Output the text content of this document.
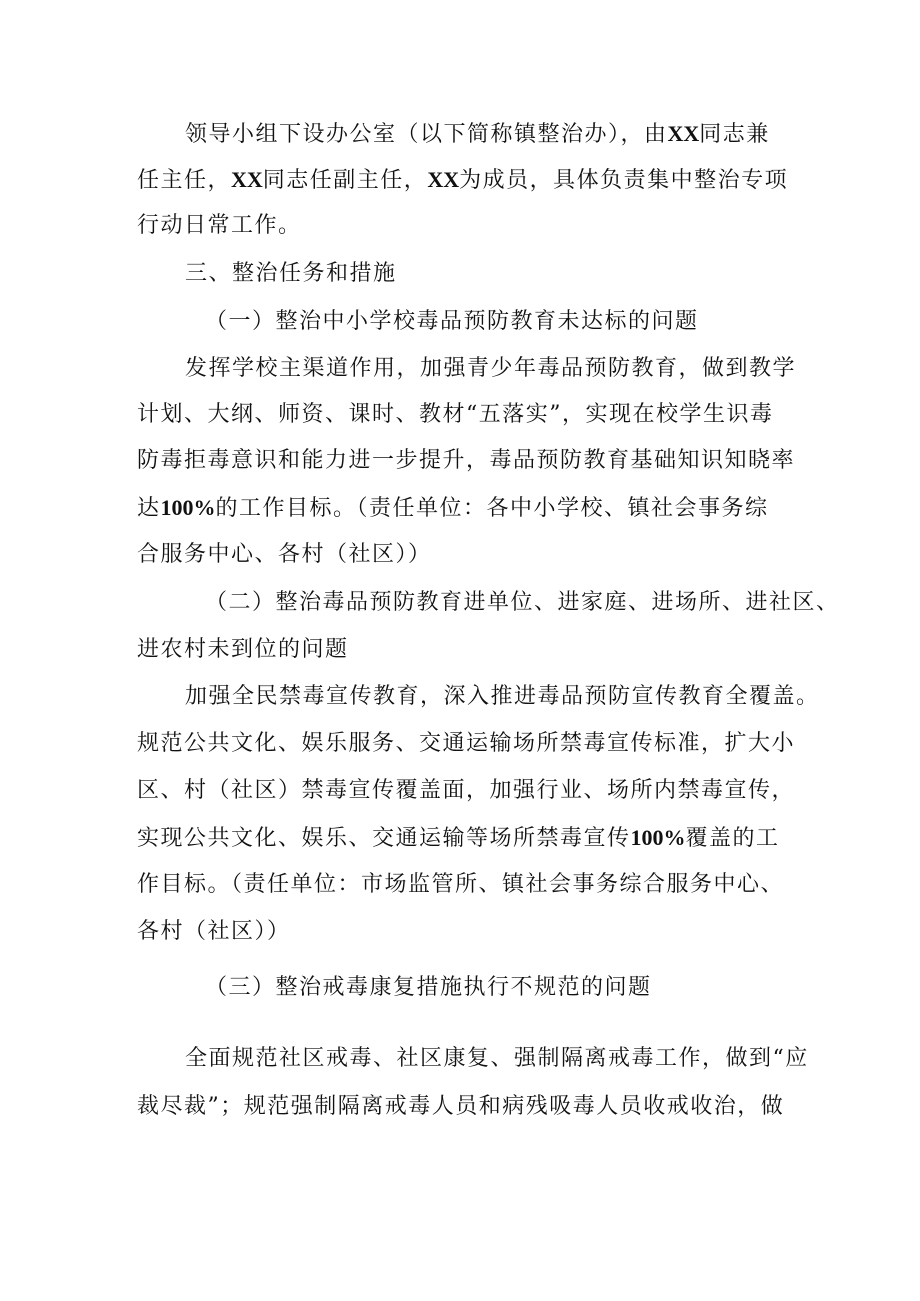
领导小组下设办公室（以下简称镇整治办），由XX同志兼
任主任，XX同志任副主任，XX为成员，具体负责集中整治专项
行动日常工作。
三、整治任务和措施
（一）整治中小学校毒品预防教育未达标的问题
发挥学校主渠道作用，加强青少年毒品预防教育，做到教学
计划、大纲、师资、课时、教材“五落实”，实现在校学生识毒
防毒拒毒意识和能力进一步提升，毒品预防教育基础知识知晓率
达100%的工作目标。（责任单位：各中小学校、镇社会事务综
合服务中心、各村（社区））
（二）整治毒品预防教育进单位、进家庭、进场所、进社区、
进农村未到位的问题
加强全民禁毒宣传教育，深入推进毒品预防宣传教育全覆盖。
规范公共文化、娱乐服务、交通运输场所禁毒宣传标准，扩大小
区、村（社区）禁毒宣传覆盖面，加强行业、场所内禁毒宣传，
实现公共文化、娱乐、交通运输等场所禁毒宣传100%覆盖的工
作目标。（责任单位：市场监管所、镇社会事务综合服务中心、
各村（社区））
（三）整治戒毒康复措施执行不规范的问题
全面规范社区戒毒、社区康复、强制隔离戒毒工作，做到“应
裁尽裁”；规范强制隔离戒毒人员和病残吸毒人员收戒收治，做
